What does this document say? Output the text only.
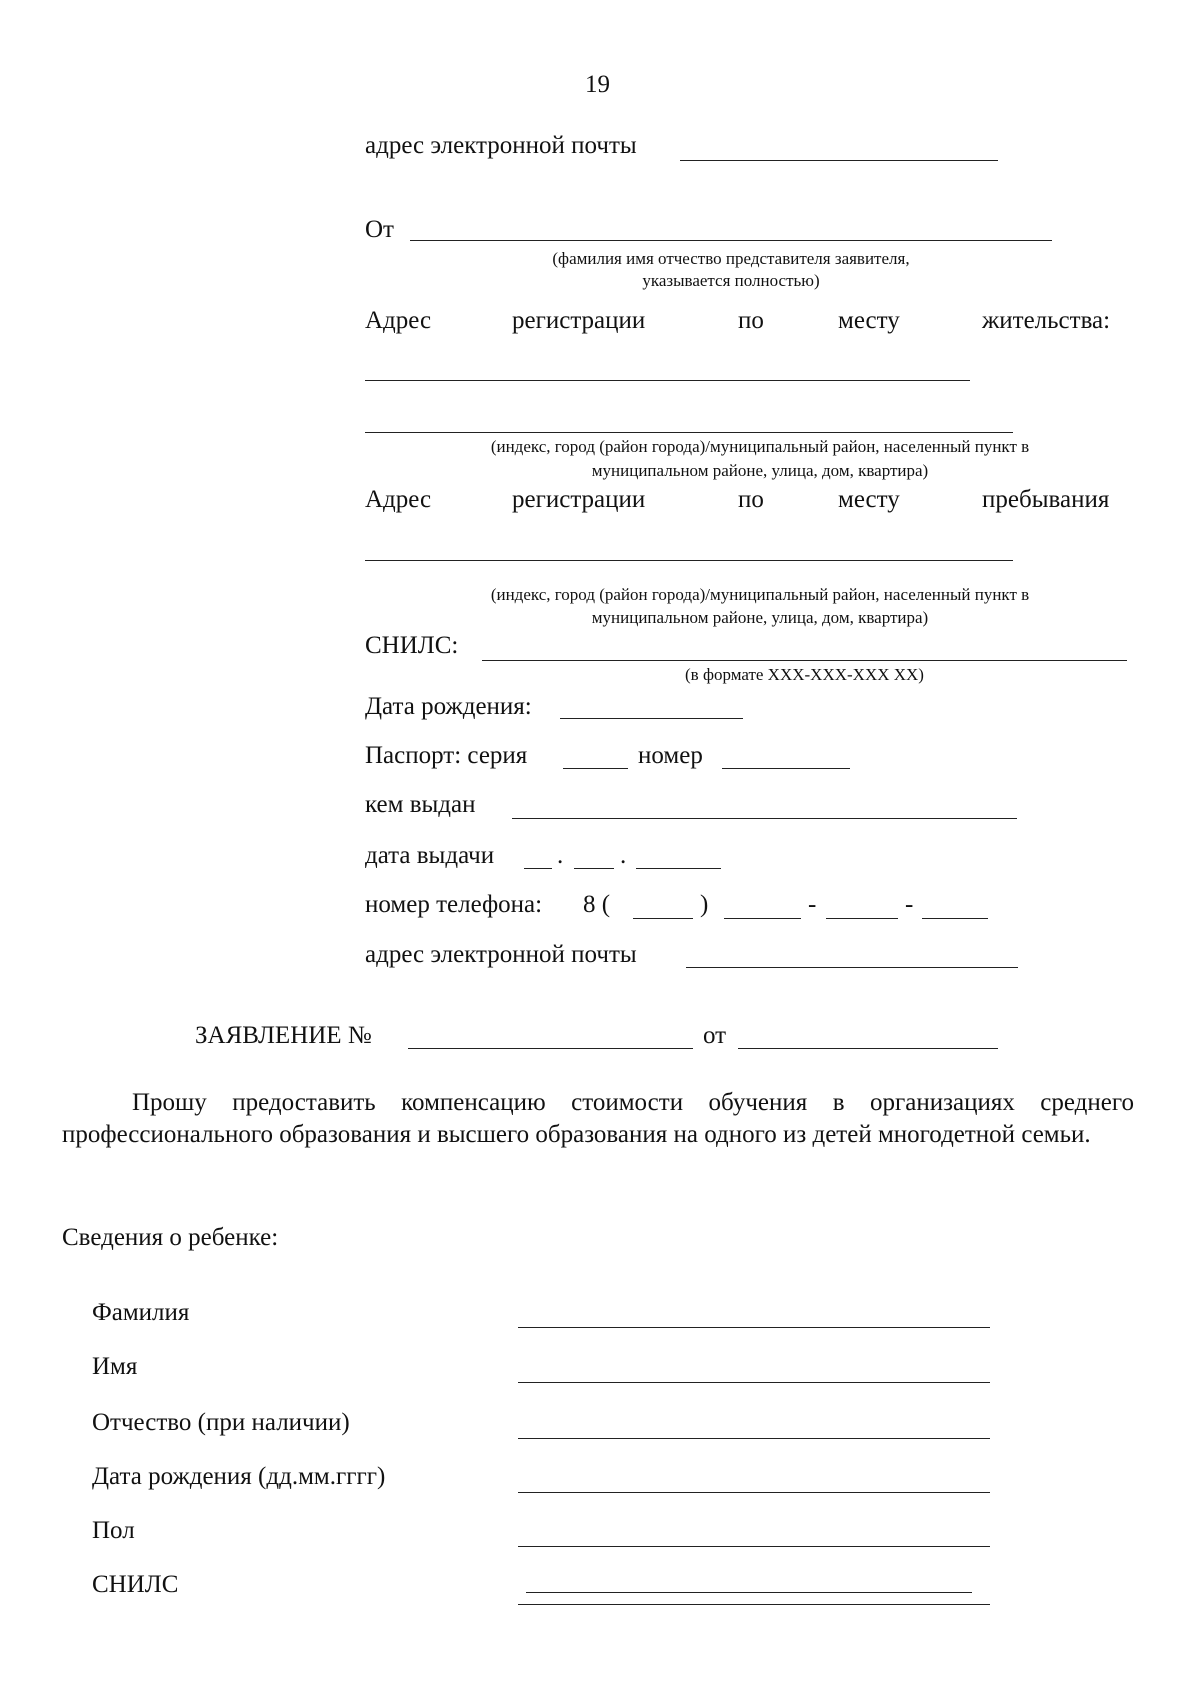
19
адрес электронной почты
От
(фамилия имя отчество представителя заявителя,
указывается полностью)
Адрес	регистрации	по	месту	жительства:
(индекс, город (район города)/муниципальный район, населенный пункт в
муниципальном районе, улица, дом, квартира)
Адрес	регистрации	по	месту	пребывания
(индекс, город (район города)/муниципальный район, населенный пункт в
муниципальном районе, улица, дом, квартира)
СНИЛС:
(в формате XXX-XXX-XXX XX)
Дата рождения:
Паспорт: серия	номер
кем выдан
дата выдачи	. .
номер телефона: 8 (	)	-	-
адрес электронной почты
ЗАЯВЛЕНИЕ №	от
Прошу предоставить компенсацию стоимости обучения в организациях среднего профессионального образования и высшего образования на одного из детей многодетной семьи.
Сведения о ребенке:
Фамилия
Имя
Отчество (при наличии)
Дата рождения (дд.мм.гггг)
Пол
СНИЛС
